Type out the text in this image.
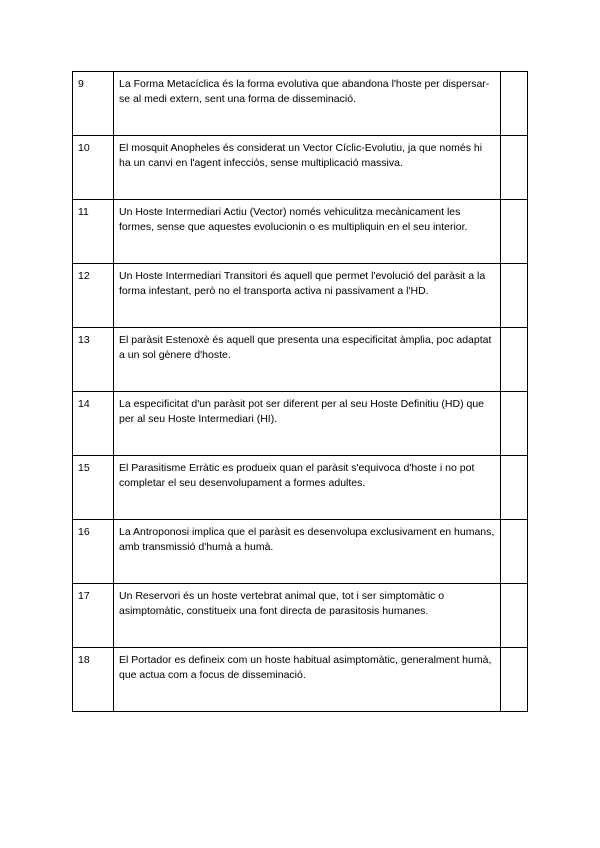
9	La Forma Metacíclica és la forma evolutiva que abandona l'hoste per dispersar-se al medi extern, sent una forma de disseminació.	
10	El mosquit Anopheles és considerat un Vector Cíclic-Evolutiu, ja que només hi ha un canvi en l'agent infecciós, sense multiplicació massiva.	
11	Un Hoste Intermediari Actiu (Vector) només vehiculitza mecànicament les formes, sense que aquestes evolucionin o es multipliquin en el seu interior.	
12	Un Hoste Intermediari Transitori és aquell que permet l'evolució del paràsit a la forma infestant, però no el transporta activa ni passivament a l'HD.	
13	El paràsit Estenoxè és aquell que presenta una especificitat àmplia, poc adaptat a un sol gènere d'hoste.	
14	La especificitat d'un paràsit pot ser diferent per al seu Hoste Definitiu (HD) que per al seu Hoste Intermediari (HI).	
15	El Parasitisme Erràtic es produeix quan el paràsit s'equivoca d'hoste i no pot completar el seu desenvolupament a formes adultes.	
16	La Antroponosi implica que el paràsit es desenvolupa exclusivament en humans, amb transmissió d'humà a humà.	
17	Un Reservori és un hoste vertebrat animal que, tot i ser simptomàtic o asimptomàtic, constitueix una font directa de parasitosis humanes.	
18	El Portador es defineix com un hoste habitual asimptomàtic, generalment humà, que actua com a focus de disseminació.	
